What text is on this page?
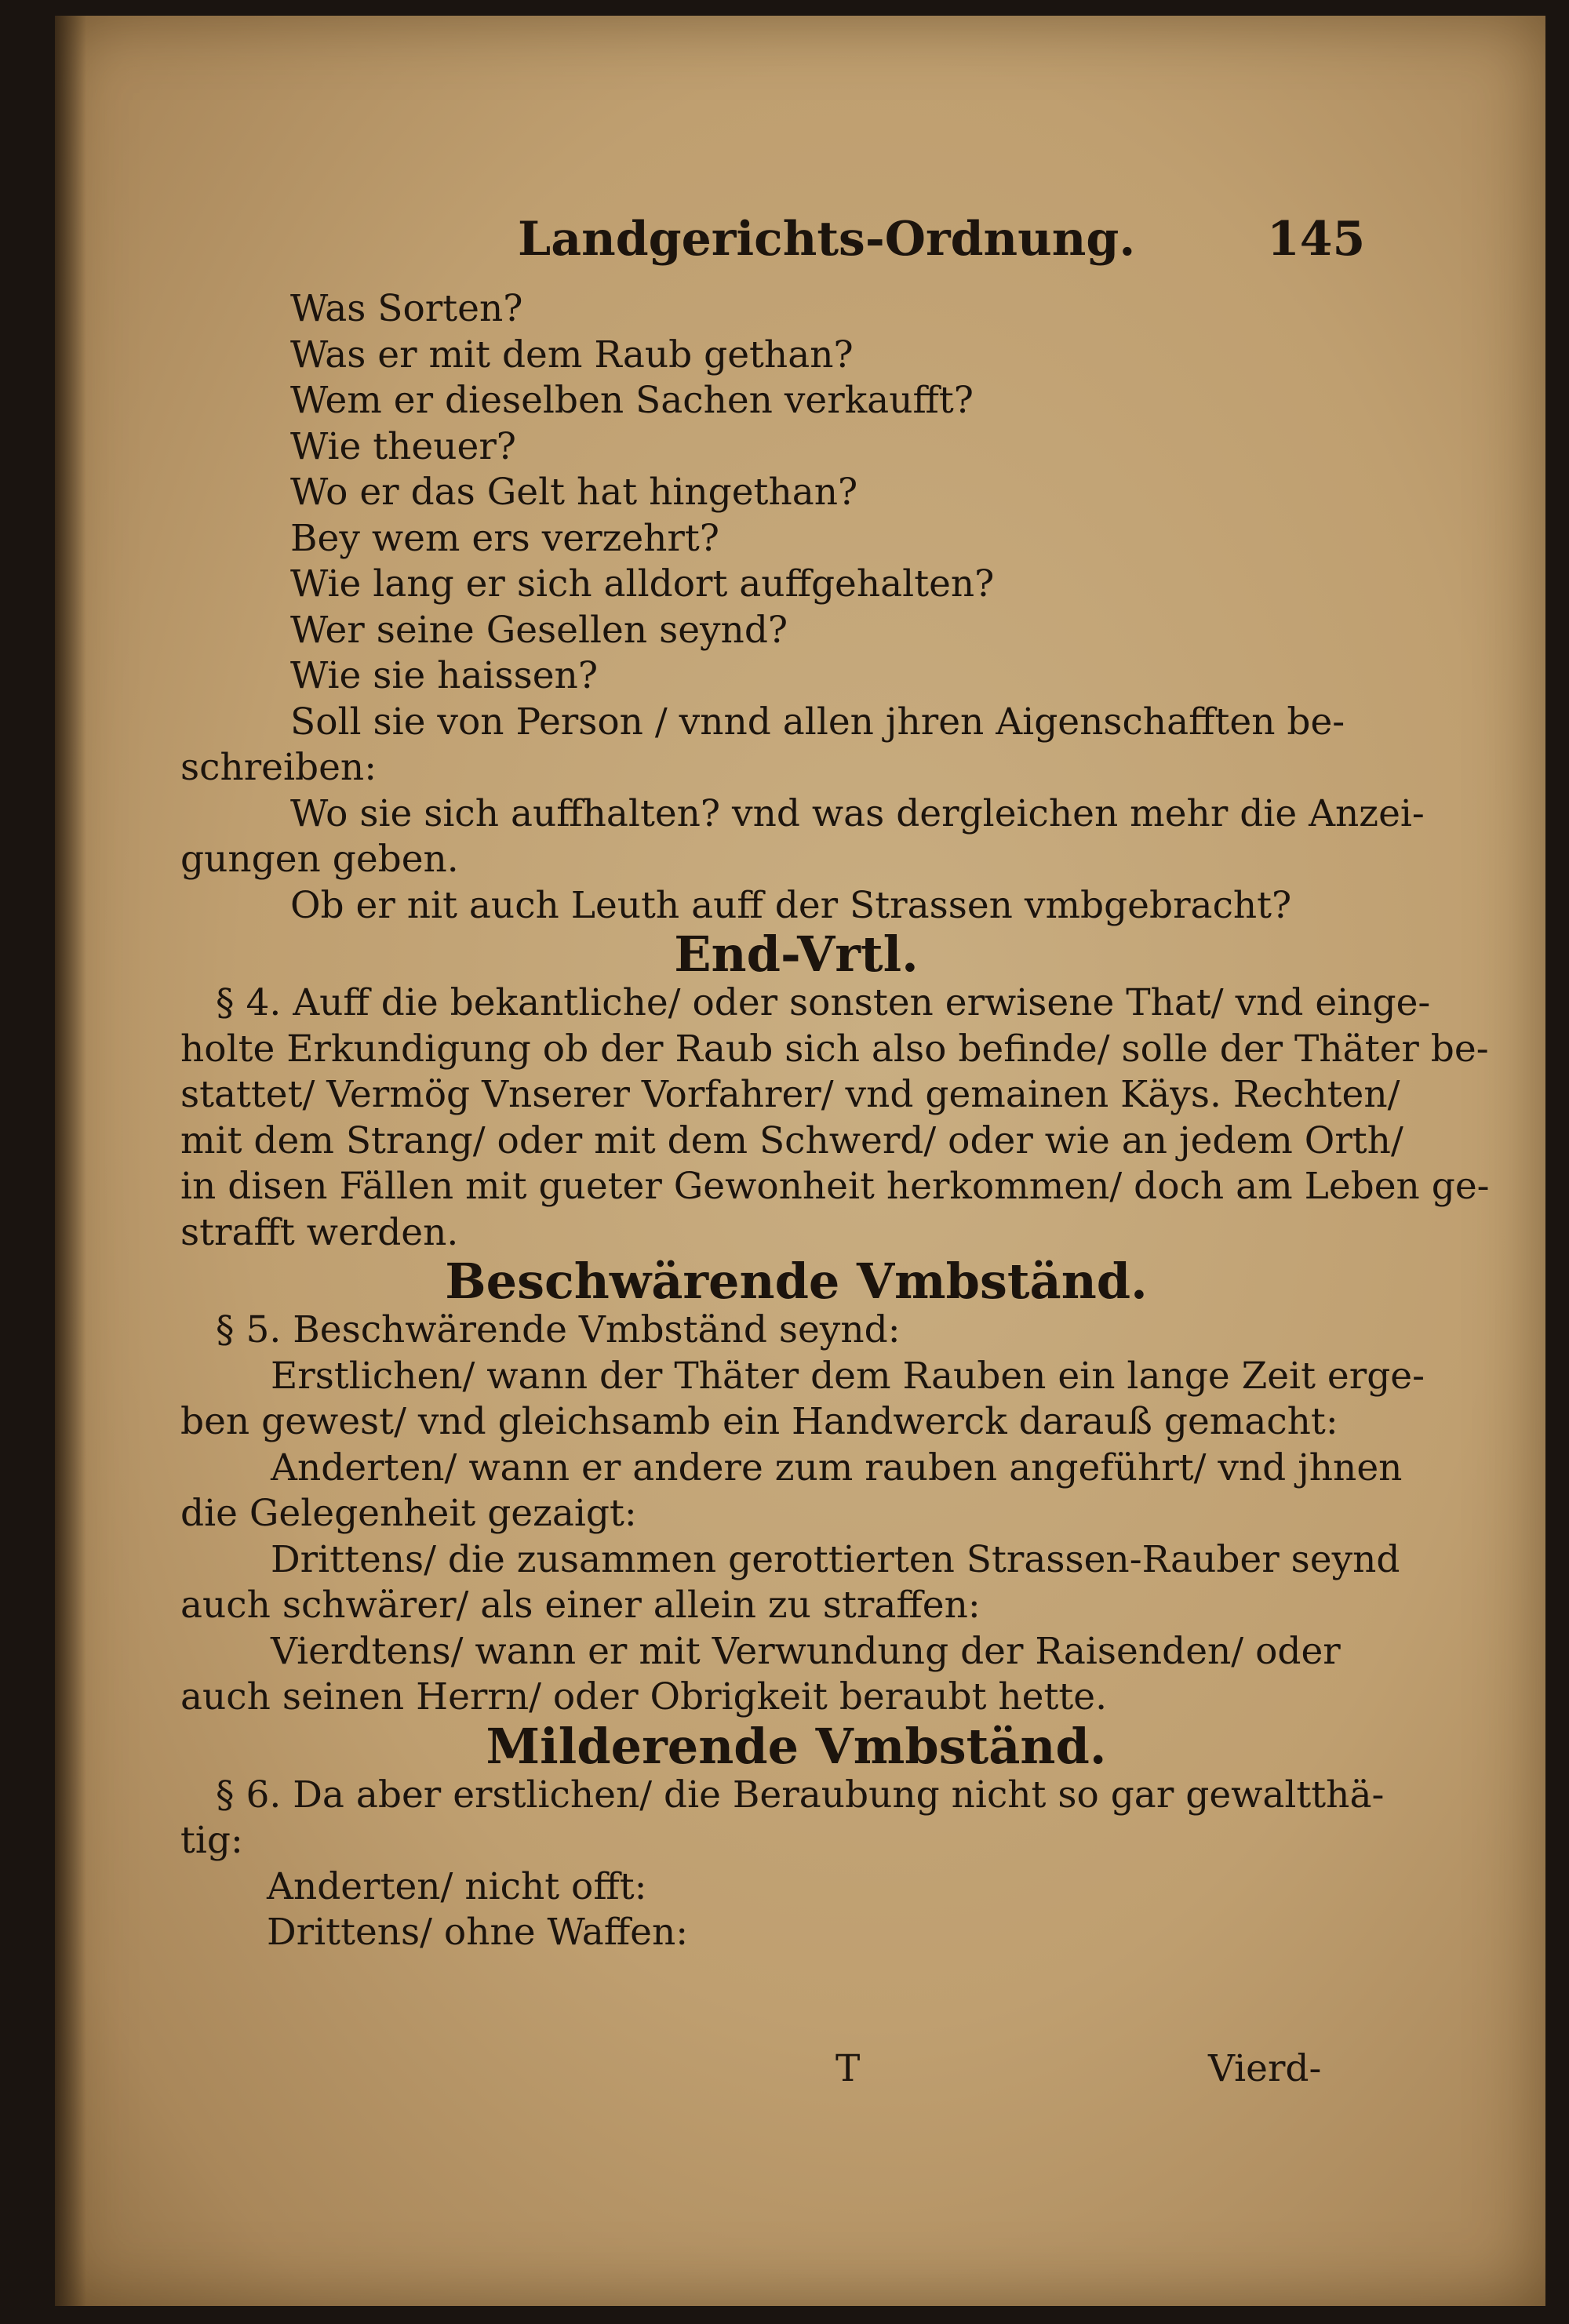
Landgerichts-Ordnung.	145
Was Sorten?
Was er mit dem Raub gethan?
Wem er dieselben Sachen verkaufft?
Wie theuer?
Wo er das Gelt hat hingethan?
Bey wem ers verzehrt?
Wie lang er sich alldort auffgehalten?
Wer seine Gesellen seynd?
Wie sie haissen?
Soll sie von Person / vnnd allen jhren Aigenschafften be-
schreiben:
Wo sie sich auffhalten? vnd was dergleichen mehr die Anzei-
gungen geben.
Ob er nit auch Leuth auff der Strassen vmbgebracht?
End-Vrtl.
§ 4. Auff die bekantliche/ oder sonsten erwisene That/ vnd einge-
holte Erkundigung ob der Raub sich also befinde/ solle der Thäter be-
stattet/ Vermög Vnserer Vorfahrer/ vnd gemainen Käys. Rechten/
mit dem Strang/ oder mit dem Schwerd/ oder wie an jedem Orth/
in disen Fällen mit gueter Gewonheit herkommen/ doch am Leben ge-
strafft werden.
Beschwärende Vmbständ.
§ 5. Beschwärende Vmbständ seynd:
Erstlichen/ wann der Thäter dem Rauben ein lange Zeit erge-
ben gewest/ vnd gleichsamb ein Handwerck darauß gemacht:
Anderten/ wann er andere zum rauben angeführt/ vnd jhnen
die Gelegenheit gezaigt:
Drittens/ die zusammen gerottierten Strassen-Rauber seynd
auch schwärer/ als einer allein zu straffen:
Vierdtens/ wann er mit Verwundung der Raisenden/ oder
auch seinen Herrn/ oder Obrigkeit beraubt hette.
Milderende Vmbständ.
§ 6. Da aber erstlichen/ die Beraubung nicht so gar gewaltthä-
tig:
Anderten/ nicht offt:
Drittens/ ohne Waffen:
T	Vierd-
